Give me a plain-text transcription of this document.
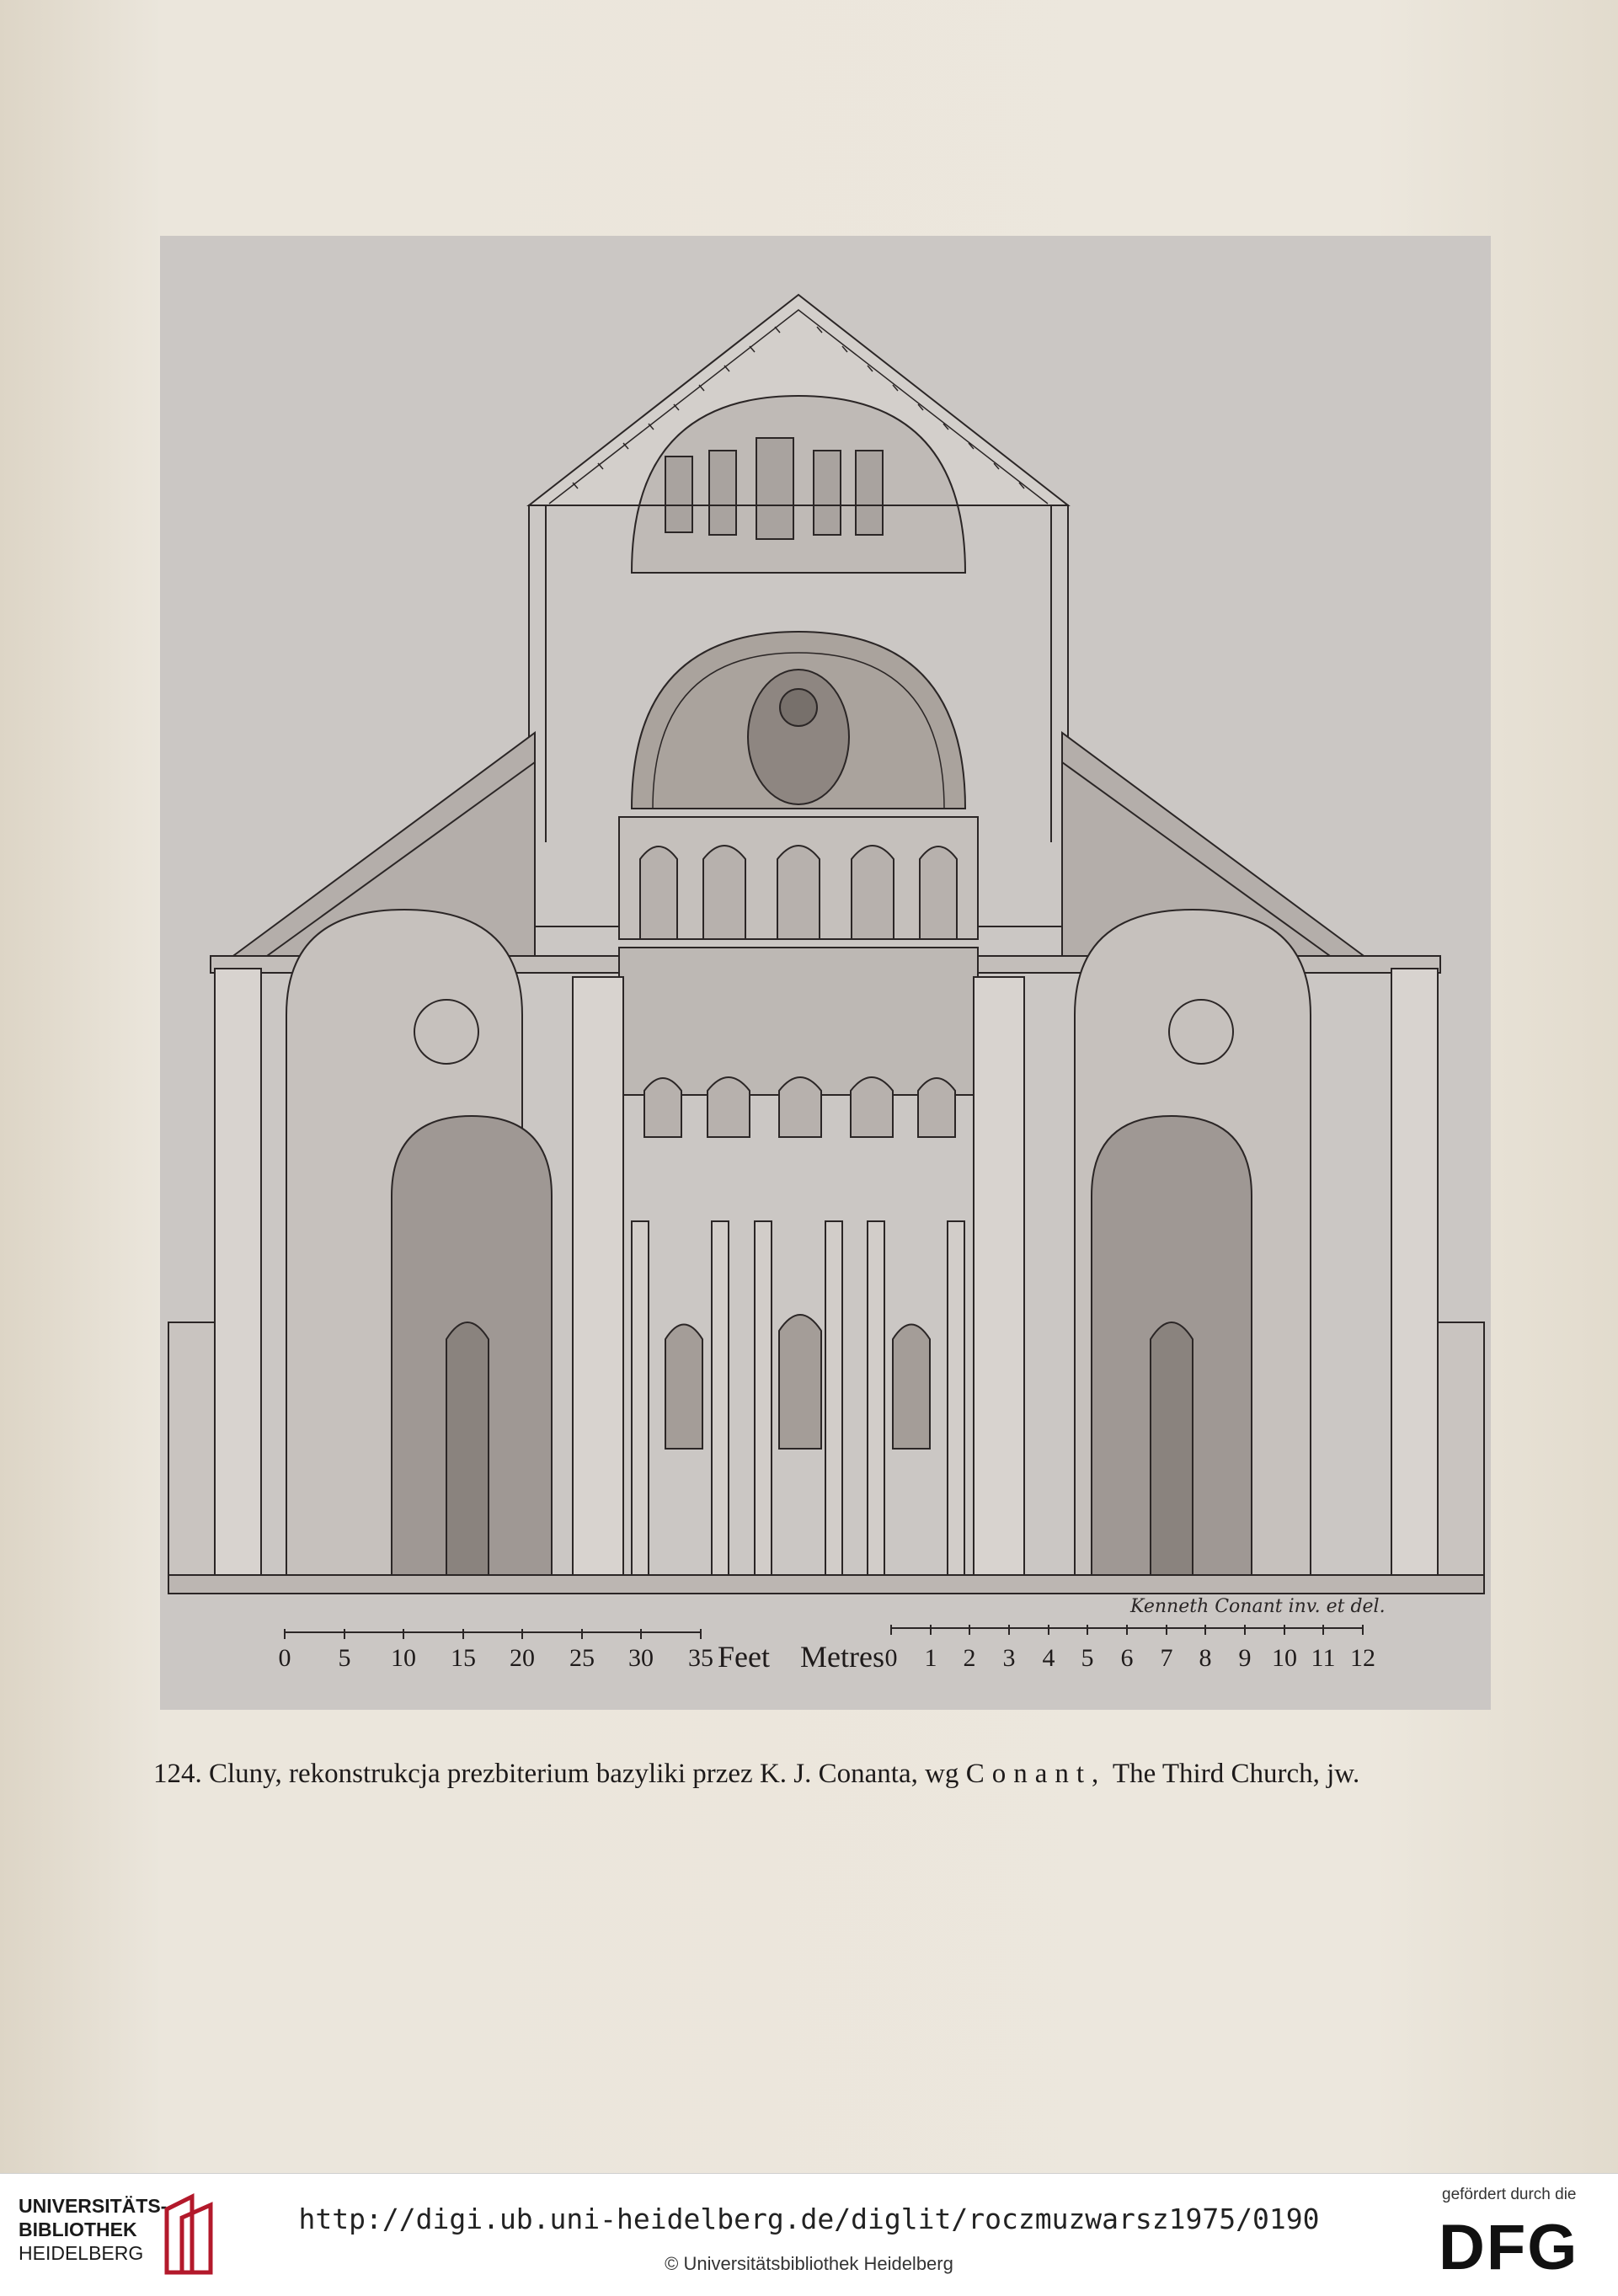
Kenneth Conant inv. et del.
0 5 10 15 20 25 30 35 Feet Metres 0 1 2 3 4 5 6 7 8 9 10 11 12
124. Cluny, rekonstrukcja prezbiterium bazyliki przez K. J. Conanta, wg Conant, The Third Church, jw.
UNIVERSITÄTS-
BIBLIOTHEK
HEIDELBERG
http://digi.ub.uni-heidelberg.de/diglit/roczmuzwarsz1975/0190
© Universitätsbibliothek Heidelberg
gefördert durch die
DFG
